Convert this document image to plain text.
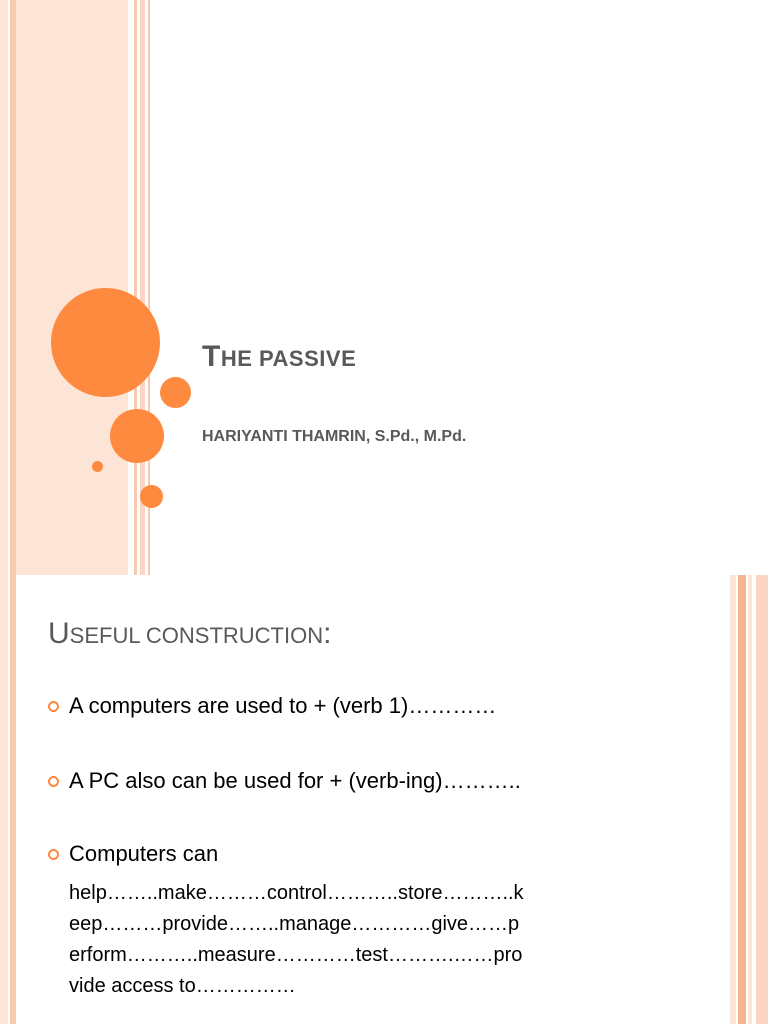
THE PASSIVE
HARIYANTI THAMRIN, S.Pd., M.Pd.
USEFUL CONSTRUCTION:
A computers are used to + (verb 1)…………
A PC also can be used for + (verb-ing)………..
Computers can
help……..make………control………..store………..k
eep………provide……..manage…………give……p
erform………..measure…………test……….……pro
vide access to……………
